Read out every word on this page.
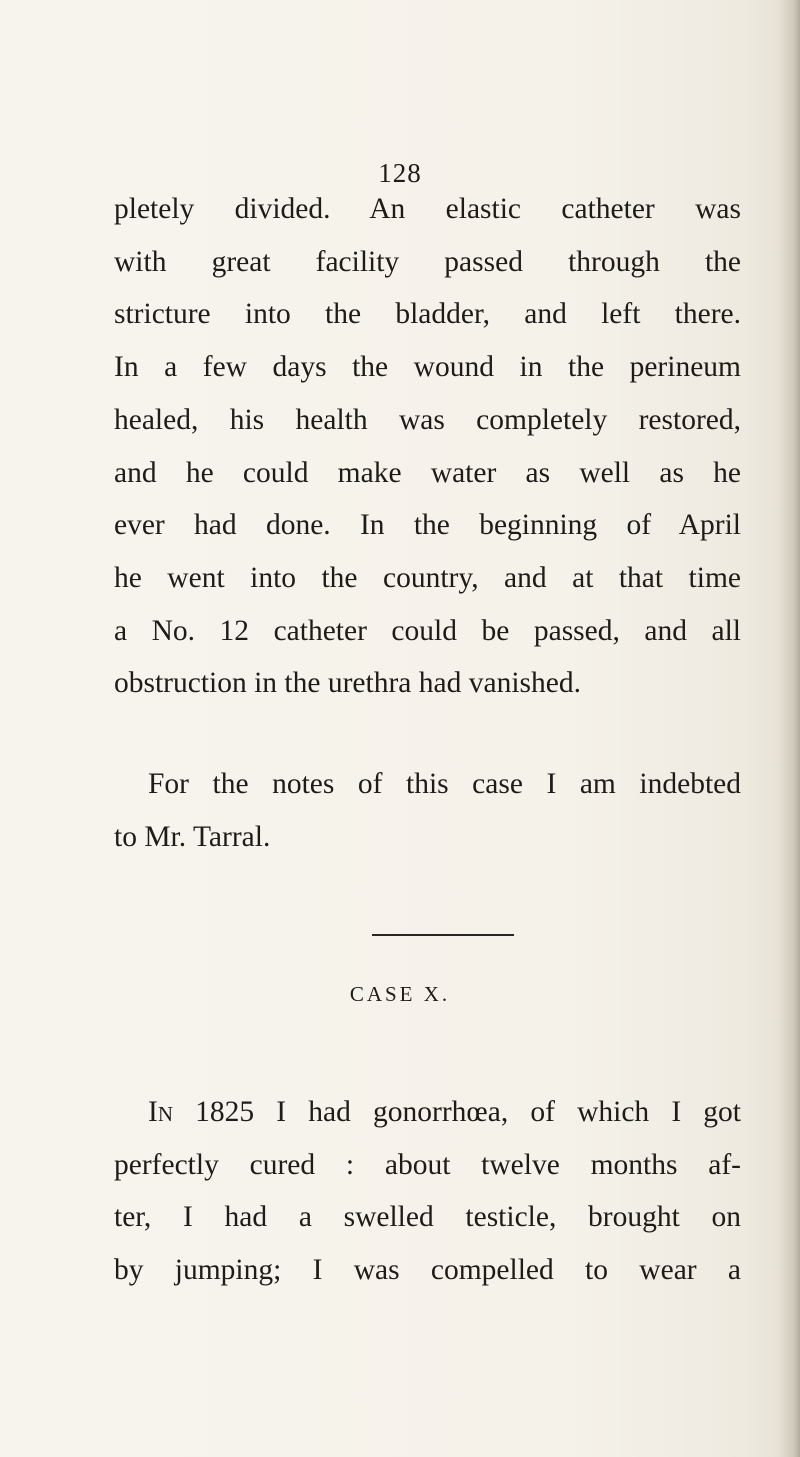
128
pletely divided. An elastic catheter was
with great facility passed through the
stricture into the bladder, and left there.
In a few days the wound in the perineum
healed, his health was completely restored,
and he could make water as well as he
ever had done. In the beginning of April
he went into the country, and at that time
a No. 12 catheter could be passed, and all
obstruction in the urethra had vanished.
For the notes of this case I am indebted
to Mr. Tarral.
CASE X.
In 1825 I had gonorrhœa, of which I got
perfectly cured : about twelve months af-
ter, I had a swelled testicle, brought on
by jumping; I was compelled to wear a
